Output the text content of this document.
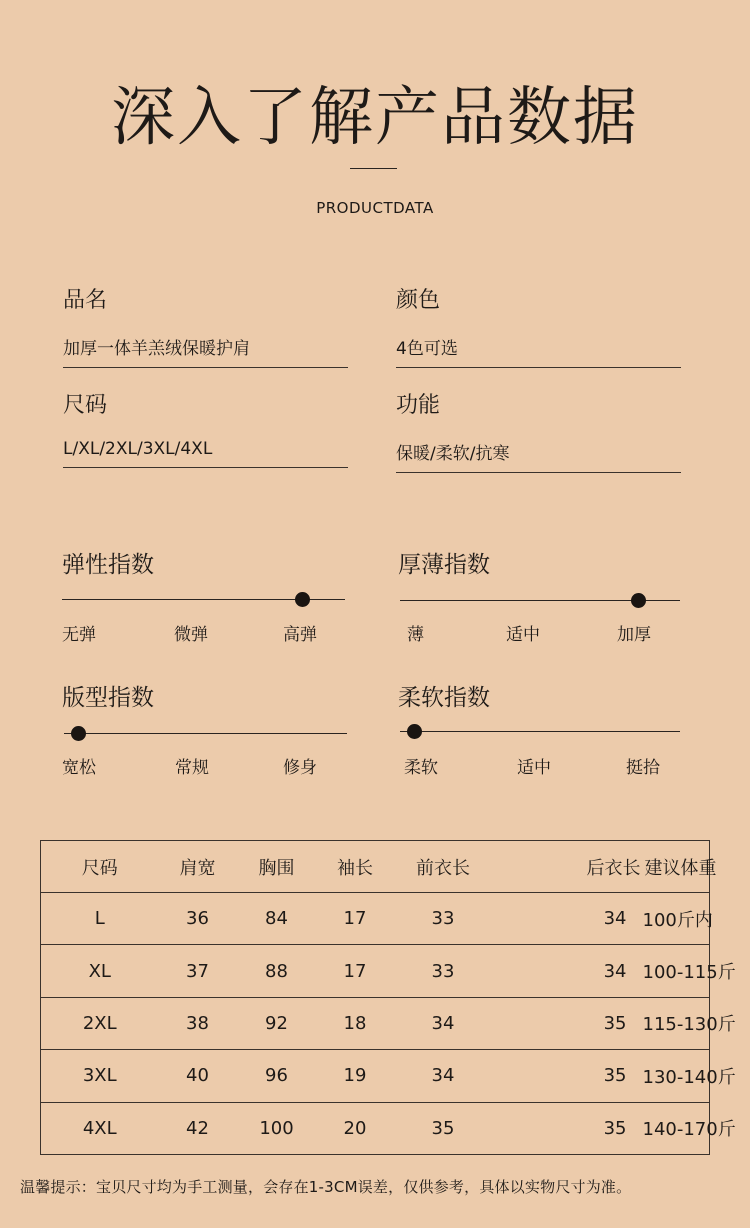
深入了解产品数据
PRODUCTDATA
品名
加厚一体羊羔绒保暖护肩
颜色
4色可选
尺码
L/XL/2XL/3XL/4XL
功能
保暖/柔软/抗寒
弹性指数
无弹	微弹	高弹
厚薄指数
薄	适中	加厚
版型指数
宽松	常规	修身
柔软指数
柔软	适中	挺拾
尺码	肩宽	胸围	袖长	前衣长	后衣长	建议体重
L	36	84	17	33	34	100斤内
XL	37	88	17	33	34	100-115斤
2XL	38	92	18	34	35	115-130斤
3XL	40	96	19	34	35	130-140斤
4XL	42	100	20	35	35	140-170斤
温馨提示：宝贝尺寸均为手工测量，会存在1-3CM误差，仅供参考，具体以实物尺寸为准。
